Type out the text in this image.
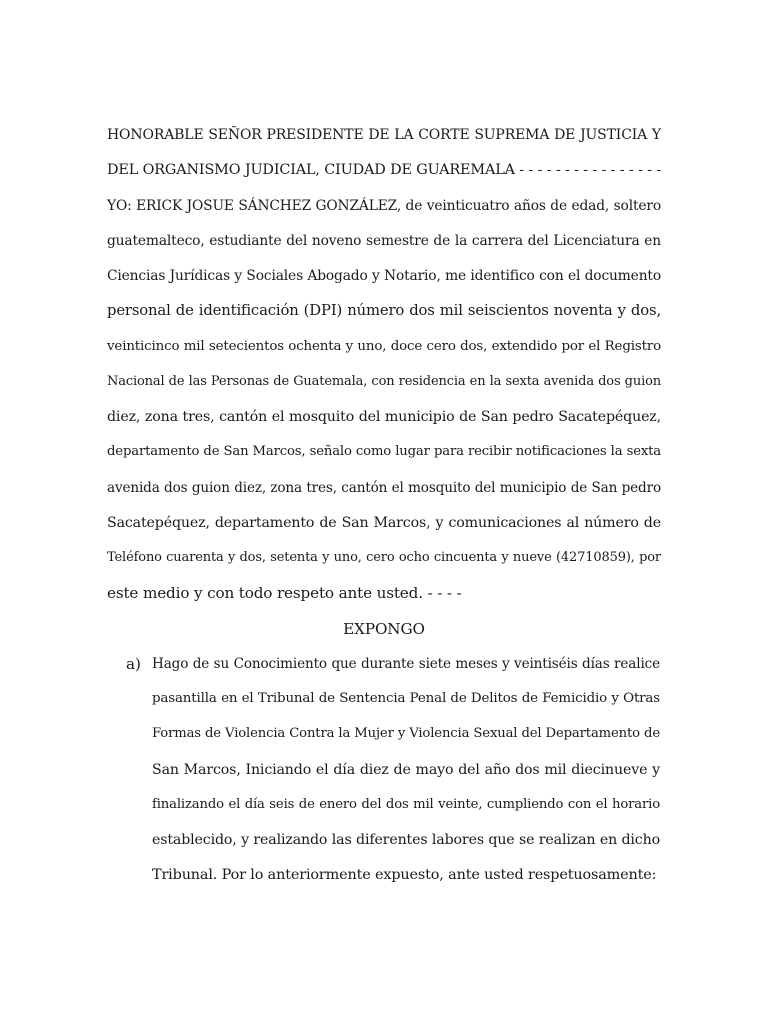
HONORABLE SEÑOR PRESIDENTE DE LA CORTE SUPREMA DE JUSTICIA Y
DEL ORGANISMO JUDICIAL, CIUDAD DE GUAREMALA - - - - - - - - - - - - - - - -
YO: ERICK JOSUE SÁNCHEZ GONZÁLEZ, de veinticuatro años de edad, soltero
guatemalteco, estudiante del noveno semestre de la carrera del Licenciatura en
Ciencias Jurídicas y Sociales Abogado y Notario, me identifico con el documento
personal de identificación (DPI) número dos mil seiscientos noventa y dos,
veinticinco mil setecientos ochenta y uno, doce cero dos, extendido por el Registro
Nacional de las Personas de Guatemala, con residencia en la sexta avenida dos guion
diez, zona tres, cantón el mosquito del municipio de San pedro Sacatepéquez,
departamento de San Marcos, señalo como lugar para recibir notificaciones la sexta
avenida dos guion diez, zona tres, cantón el mosquito del municipio de San pedro
Sacatepéquez, departamento de San Marcos, y comunicaciones al número de
Teléfono cuarenta y dos, setenta y uno, cero ocho cincuenta y nueve (42710859), por
este medio y con todo respeto ante usted. - - - -
EXPONGO
a) Hago de su Conocimiento que durante siete meses y veintiséis días realice
pasantilla en el Tribunal de Sentencia Penal de Delitos de Femicidio y Otras
Formas de Violencia Contra la Mujer y Violencia Sexual del Departamento de
San Marcos, Iniciando el día diez de mayo del año dos mil diecinueve y
finalizando el día seis de enero del dos mil veinte, cumpliendo con el horario
establecido, y realizando las diferentes labores que se realizan en dicho
Tribunal. Por lo anteriormente expuesto, ante usted respetuosamente:
